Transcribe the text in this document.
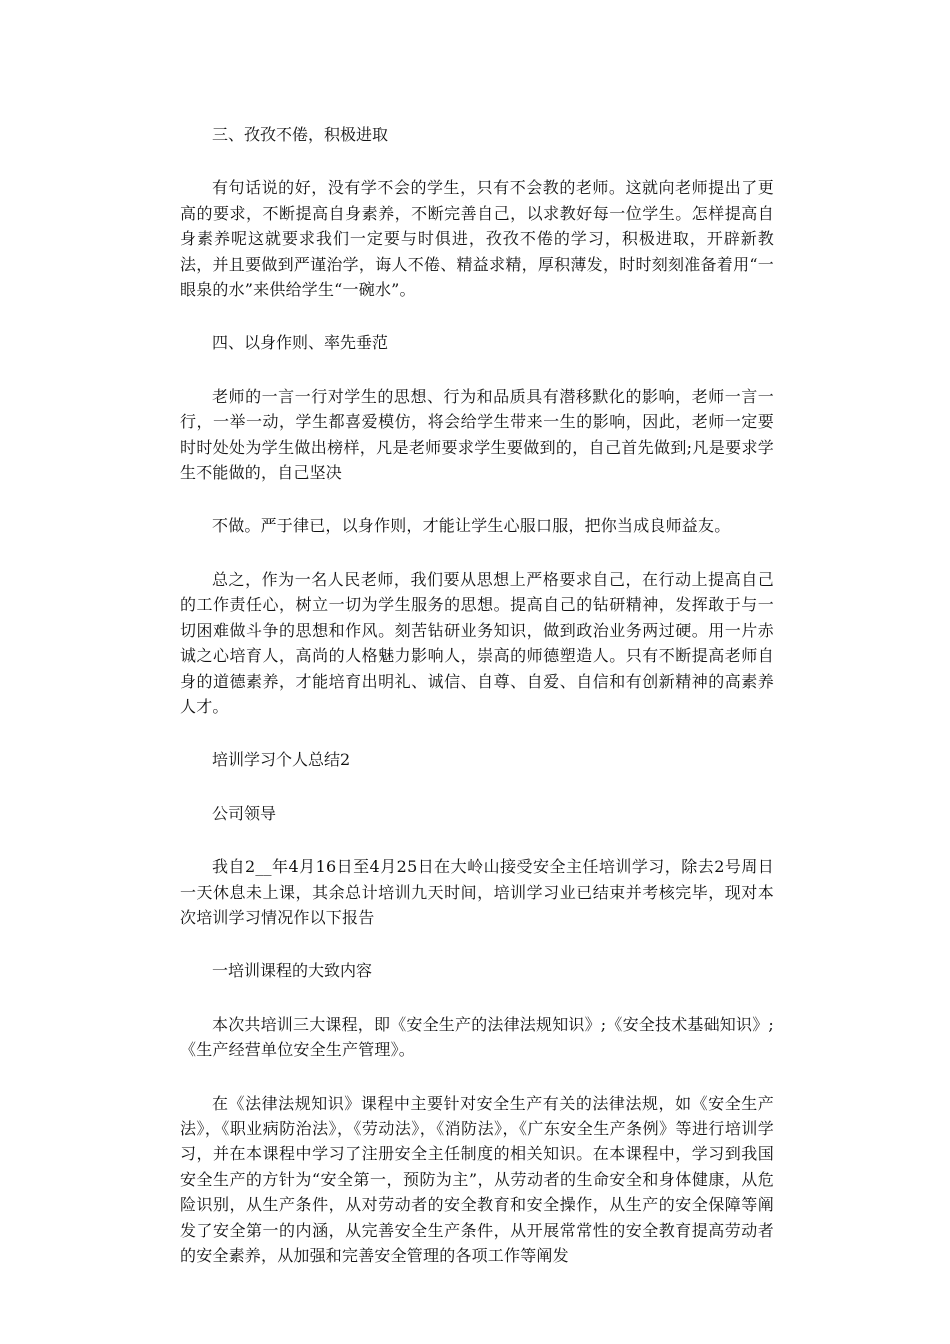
三、孜孜不倦，积极进取

有句话说的好，没有学不会的学生，只有不会教的老师。这就向老师提出了更高的要求，不断提高自身素养，不断完善自己，以求教好每一位学生。怎样提高自身素养呢这就要求我们一定要与时俱进，孜孜不倦的学习，积极进取，开辟新教法，并且要做到严谨治学，诲人不倦、精益求精，厚积薄发，时时刻刻准备着用“一眼泉的水”来供给学生“一碗水”。

四、以身作则、率先垂范

老师的一言一行对学生的思想、行为和品质具有潜移默化的影响，老师一言一行，一举一动，学生都喜爱模仿，将会给学生带来一生的影响，因此，老师一定要时时处处为学生做出榜样，凡是老师要求学生要做到的，自己首先做到;凡是要求学生不能做的，自己坚决

不做。严于律已，以身作则，才能让学生心服口服，把你当成良师益友。

总之，作为一名人民老师，我们要从思想上严格要求自己，在行动上提高自己的工作责任心，树立一切为学生服务的思想。提高自己的钻研精神，发挥敢于与一切困难做斗争的思想和作风。刻苦钻研业务知识，做到政治业务两过硬。用一片赤诚之心培育人，高尚的人格魅力影响人，崇高的师德塑造人。只有不断提高老师自身的道德素养，才能培育出明礼、诚信、自尊、自爱、自信和有创新精神的高素养人才。

培训学习个人总结2

公司领导

我自2__年4月16日至4月25日在大岭山接受安全主任培训学习，除去2号周日一天休息未上课，其余总计培训九天时间，培训学习业已结束并考核完毕，现对本次培训学习情况作以下报告

一培训课程的大致内容

本次共培训三大课程，即《安全生产的法律法规知识》;《安全技术基础知识》;《生产经营单位安全生产管理》。

在《法律法规知识》课程中主要针对安全生产有关的法律法规，如《安全生产法》，《职业病防治法》，《劳动法》，《消防法》，《广东安全生产条例》等进行培训学习，并在本课程中学习了注册安全主任制度的相关知识。在本课程中，学习到我国安全生产的方针为“安全第一，预防为主”，从劳动者的生命安全和身体健康，从危险识别，从生产条件，从对劳动者的安全教育和安全操作，从生产的安全保障等阐发了安全第一的内涵，从完善安全生产条件，从开展常常性的安全教育提高劳动者的安全素养，从加强和完善安全管理的各项工作等阐发
